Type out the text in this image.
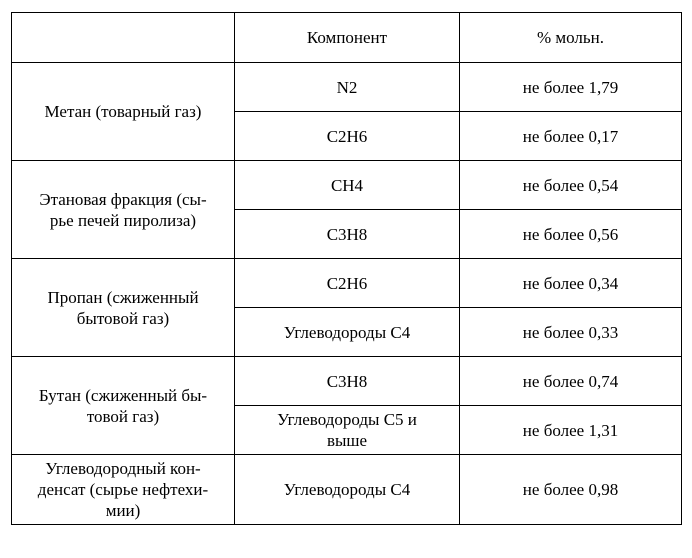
	Компонент	% мольн.

Метан (товарный газ)	N2	не более 1,79

	C2H6	не более 0,17

Этановая фракция (сы-
рье печей пиролиза)	CH4	не более 0,54

	C3H8	не более 0,56

Пропан (сжиженный
бытовой газ)	C2H6	не более 0,34

	Углеводороды C4	не более 0,33

Бутан (сжиженный бы-
товой газ)	C3H8	не более 0,74

	Углеводороды C5 и
выше	не более 1,31

Углеводородный кон-
денсат (сырье нефтехи-
мии)	Углеводороды C4	не более 0,98
